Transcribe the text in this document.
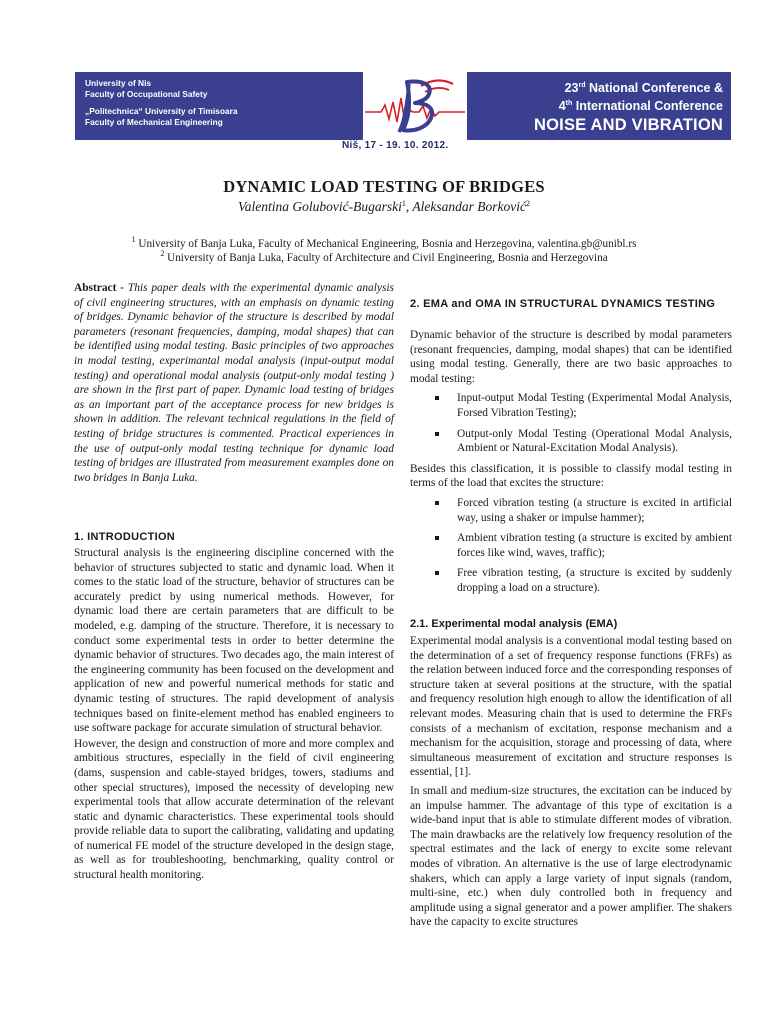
University of Nis
Faculty of Occupational Safety
„Politechnica“ University of Timisoara
Faculty of Mechanical Engineering
23rd National Conference &
4th International Conference
NOISE AND VIBRATION
Niš, 17 - 19. 10. 2012.
DYNAMIC LOAD TESTING OF BRIDGES
Valentina Golubović-Bugarski$^1$, Aleksandar Borković$^2$
$^1$ University of Banja Luka, Faculty of Mechanical Engineering, Bosnia and Herzegovina, valentina.gb@unibl.rs
$^2$ University of Banja Luka, Faculty of Architecture and Civil Engineering, Bosnia and Herzegovina

Abstract - This paper deals with the experimental dynamic analysis of civil engineering structures, with an emphasis on dynamic testing of bridges. Dynamic behavior of the structure is described by modal parameters (resonant frequencies, damping, modal shapes) that can be identified using modal testing. Basic principles of two approaches in modal testing, experimantal modal analysis (input-output modal testing) and operational modal analysis (output-only modal testing ) are shown in the first part of paper. Dynamic load testing of bridges as an important part of the acceptance process for new bridges is shown in addition. The relevant technical regulations in the field of testing of bridge structures is commented. Practical experiences in the use of output-only modal testing technique for dynamic load testing of bridges are illustrated from measurement examples done on two bridges in Banja Luka.

1. INTRODUCTION

Structural analysis is the engineering discipline concerned with the behavior of structures subjected to static and dynamic load. When it comes to the static load of the structure, behavior of structures can be accurately predict by using numerical methods. However, for dynamic load there are certain parameters that are difficult to be modeled, e.g. damping of the structure. Therefore, it is necessary to conduct some experimental tests in order to better determine the dynamic behavior of structures. Two decades ago, the main interest of the engineering community has been focused on the development and application of new and powerful numerical methods for static and dynamic testing of structures. The rapid development of analysis techniques based on finite-element method has enabled engineers to use software package for accurate simulation of structural behavior.

However, the design and construction of more and more complex and ambitious structures, especially in the field of civil engineering (dams, suspension and cable-stayed bridges, towers, stadiums and other special structures), imposed the necessity of developing new experimental tools that allow accurate determination of the relevant static and dynamic characteristics. These experimental tools should provide reliable data to suport the calibrating, validating and updating of numerical FE model of the structure developed in the design stage, as well as for troubleshooting, benchmarking, quality control or structural health monitoring.

2. EMA and OMA IN STRUCTURAL DYNAMICS TESTING

Dynamic behavior of the structure is described by modal parameters (resonant frequencies, damping, modal shapes) that can be identified using modal testing. Generally, there are two basic approaches to modal testing:

Input-output Modal Testing (Experimental Modal Analysis, Forsed Vibration Testing);
Output-only Modal Testing (Operational Modal Analysis, Ambient or Natural-Excitation Modal Analysis).

Besides this classification, it is possible to classify modal testing in terms of the load that excites the structure:

Forced vibration testing (a structure is excited in artificial way, using a shaker or impulse hammer);
Ambient vibration testing (a structure is excited by ambient forces like wind, waves, traffic);
Free vibration testing, (a structure is excited by suddenly dropping a load on a structure).
2.1. Experimental modal analysis (EMA)

Experimental modal analysis is a conventional modal testing based on the determination of a set of frequency response functions (FRFs) as the relation between induced force and the corresponding responses of structure taken at several positions at the structure, with the spatial and frequency resolution high enough to allow the identification of all relevant modes. Measuring chain that is used to determine the FRFs consists of a mechanism of excitation, response mechanism and a mechanism for the acquisition, storage and processing of data, where simultaneous measurement of excitation and structure responses is essential, [1].

In small and medium-size structures, the excitation can be induced by an impulse hammer. The advantage of this type of excitation is a wide-band input that is able to stimulate different modes of vibration. The main drawbacks are the relatively low frequency resolution of the spectral estimates and the lack of energy to excite some relevant modes of vibration. An alternative is the use of large electrodynamic shakers, which can apply a large variety of input signals (random, multi-sine, etc.) when duly controlled both in frequency and amplitude using a signal generator and a power amplifier. The shakers have the capacity to excite structures
